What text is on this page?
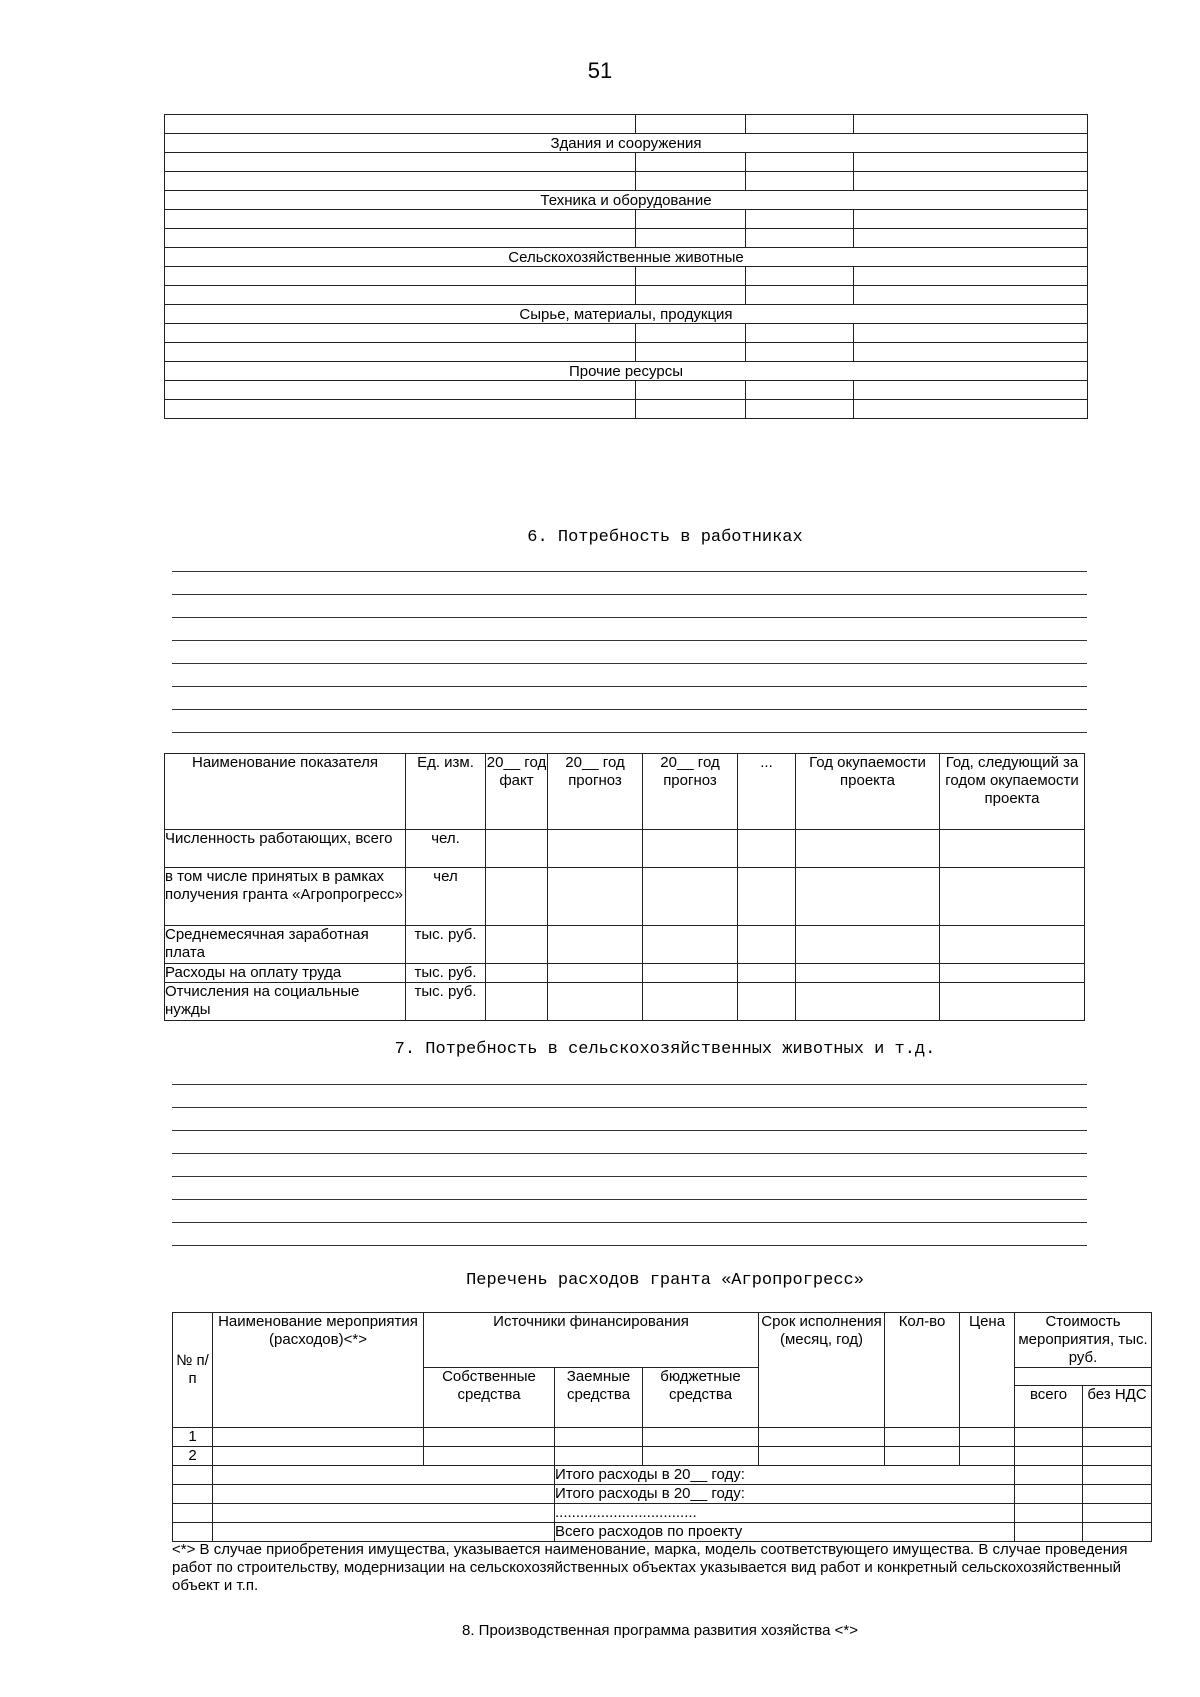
51

Здания и сооружения			

Техника и оборудование			

Сельскохозяйственные животные			

Сырье, материалы, продукция			

Прочие ресурсы			

6. Потребность в работниках
Наименование показателя	Ед. изм.	20__ год факт	20__ год прогноз	20__ год прогноз	...	Год окупаемости проекта	Год, следующий за годом окупаемости проекта
Численность работающих, всего	чел.						
в том числе принятых в рамках получения гранта «Агропрогресс»	чел						
Среднемесячная заработная плата	тыс. руб.						
Расходы на оплату труда	тыс. руб.						
Отчисления на социальные нужды	тыс. руб.						
7. Потребность в сельскохозяйственных животных и т.д.
Перечень расходов гранта «Агропрогресс»
№ п/п	Наименование мероприятия (расходов)<*>	Источники финансирования			Срок исполнения (месяц, год)	Кол-во	Цена	Стоимость мероприятия, тыс. руб.	
		Собственные средства	Заемные средства	бюджетные средства					
								всего	без НДС
1									
2									
			Итого расходы в 20__ году:						
			Итого расходы в 20__ году:						
			..................................						
			Всего расходов по проекту						
<*> В случае приобретения имущества, указывается наименование, марка, модель соответствующего имущества. В случае проведения работ по строительству, модернизации на сельскохозяйственных объектах указывается вид работ и конкретный сельскохозяйственный объект и т.п.
8. Производственная программа развития хозяйства <*>
